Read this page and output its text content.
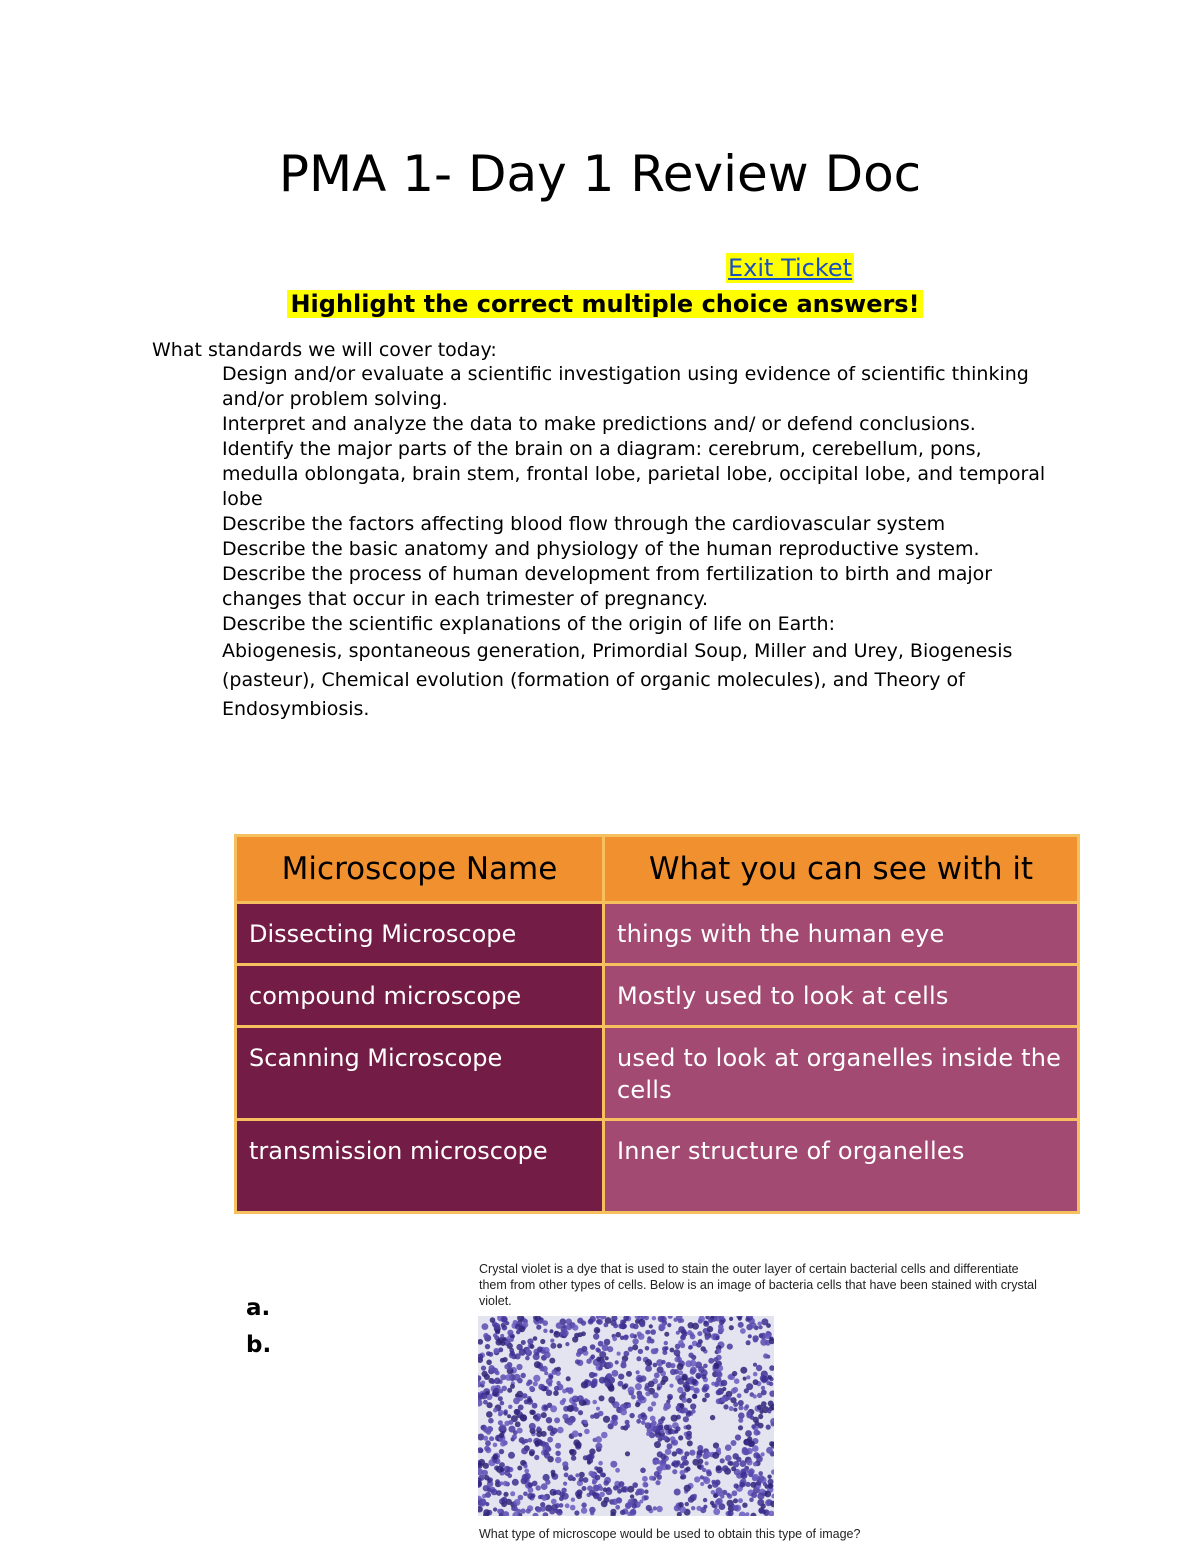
PMA 1- Day 1 Review Doc
Exit Ticket
Highlight the correct multiple choice answers!
What standards we will cover today:
Design and/or evaluate a scientific investigation using evidence of scientific thinking and/or problem solving.
Interpret and analyze the data to make predictions and/ or defend conclusions.
Identify the major parts of the brain on a diagram: cerebrum, cerebellum, pons, medulla oblongata, brain stem, frontal lobe, parietal lobe, occipital lobe, and temporal lobe
Describe the factors affecting blood flow through the cardiovascular system
Describe the basic anatomy and physiology of the human reproductive system. Describe the process of human development from fertilization to birth and major changes that occur in each trimester of pregnancy.
Describe the scientific explanations of the origin of life on Earth:
Abiogenesis, spontaneous generation, Primordial Soup, Miller and Urey, Biogenesis (pasteur), Chemical evolution (formation of organic molecules), and Theory of Endosymbiosis.
Microscope Name	What you can see with it
Dissecting Microscope	things with the human eye
compound microscope	Mostly used to look at cells
Scanning Microscope	used to look at organelles inside the cells
transmission microscope	Inner structure of organelles
a.
b.
Crystal violet is a dye that is used to stain the outer layer of certain bacterial cells and differentiate them from other types of cells. Below is an image of bacteria cells that have been stained with crystal violet.
What type of microscope would be used to obtain this type of image?
